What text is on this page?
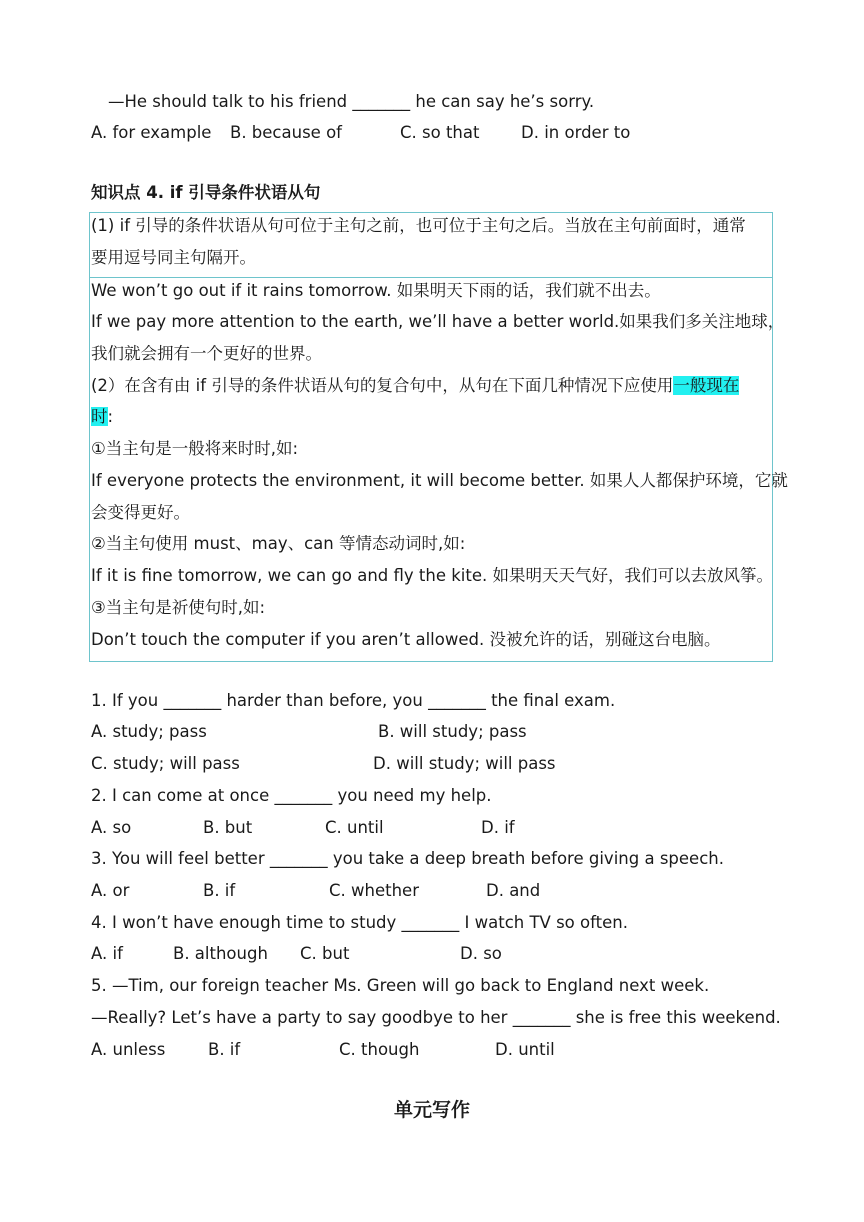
—He should talk to his friend _______ he can say he’s sorry.
A. for example B. because of	C. so that	D. in order to
知识点 4. if 引导条件状语从句
(1) if 引导的条件状语从句可位于主句之前，也可位于主句之后。当放在主句前面时，通常
要用逗号同主句隔开。
We won’t go out if it rains tomorrow. 如果明天下雨的话，我们就不出去。
If we pay more attention to the earth, we’ll have a better world.如果我们多关注地球，
我们就会拥有一个更好的世界。
(2）在含有由 if 引导的条件状语从句的复合句中，从句在下面几种情况下应使用一般现在
时:
①当主句是一般将来时时,如:
If everyone protects the environment, it will become better. 如果人人都保护环境，它就
会变得更好。
②当主句使用 must、may、can 等情态动词时,如:
If it is fine tomorrow, we can go and fly the kite. 如果明天天气好，我们可以去放风筝。
③当主句是祈使句时,如:
Don’t touch the computer if you aren’t allowed. 没被允许的话，别碰这台电脑。
1. If you _______ harder than before, you _______ the final exam.
A. study; pass	B. will study; pass
C. study; will pass	D. will study; will pass
2. I can come at once _______ you need my help.
A. so	B. but	C. until	D. if
3. You will feel better _______ you take a deep breath before giving a speech.
A. or	B. if	C. whether	D. and
4. I won’t have enough time to study _______ I watch TV so often.
A. if	B. although C. but	D. so
5. —Tim, our foreign teacher Ms. Green will go back to England next week.
—Really? Let’s have a party to say goodbye to her _______ she is free this weekend.
A. unless	B. if	C. though	D. until
单元写作
